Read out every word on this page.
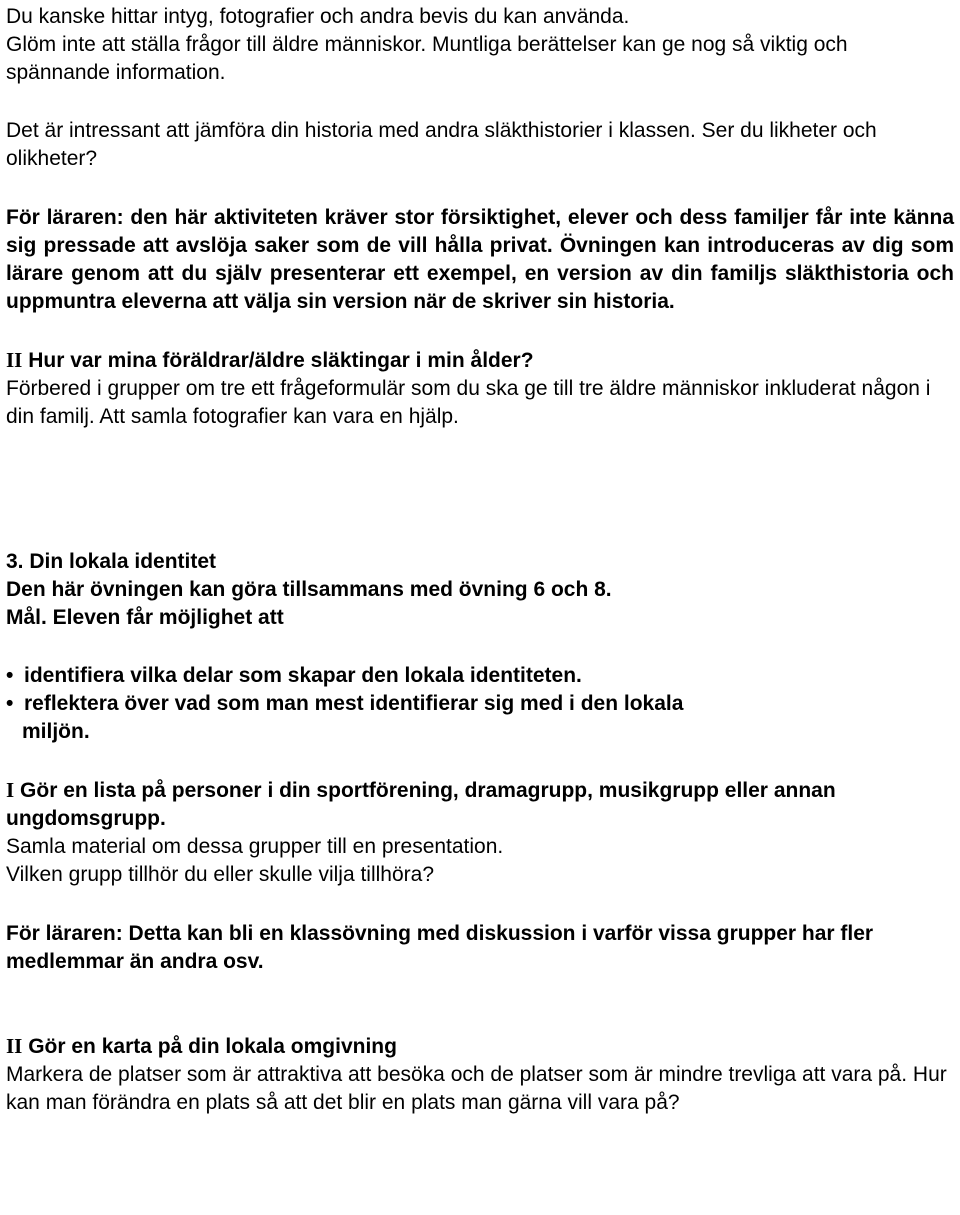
Du kanske hittar intyg, fotografier och andra bevis du kan använda.

Glöm inte att ställa frågor till äldre människor. Muntliga berättelser kan ge nog så viktig och spännande information.

Det är intressant att jämföra din historia med andra släkthistorier i klassen. Ser du likheter och olikheter?

För läraren: den här aktiviteten kräver stor försiktighet, elever och dess familjer får inte känna sig pressade att avslöja saker som de vill hålla privat. Övningen kan introduceras av dig som lärare genom att du själv presenterar ett exempel, en version av din familjs släkthistoria och uppmuntra eleverna att välja sin version när de skriver sin historia.

II Hur var mina föräldrar/äldre släktingar i min ålder?

Förbered i grupper om tre ett frågeformulär som du ska ge till tre äldre människor inkluderat någon i din familj. Att samla fotografier kan vara en hjälp.

3. Din lokala identitet

Den här övningen kan göra tillsammans med övning 6 och 8.

Mål. Eleven får möjlighet att

• identifiera vilka delar som skapar den lokala identiteten.
• reflektera över vad som man mest identifierar sig med i den lokala
miljön.

I Gör en lista på personer i din sportförening, dramagrupp, musikgrupp eller annan ungdomsgrupp.

Samla material om dessa grupper till en presentation.

Vilken grupp tillhör du eller skulle vilja tillhöra?

För läraren: Detta kan bli en klassövning med diskussion i varför vissa grupper har fler medlemmar än andra osv.

II Gör en karta på din lokala omgivning

Markera de platser som är attraktiva att besöka och de platser som är mindre trevliga att vara på. Hur kan man förändra en plats så att det blir en plats man gärna vill vara på?
